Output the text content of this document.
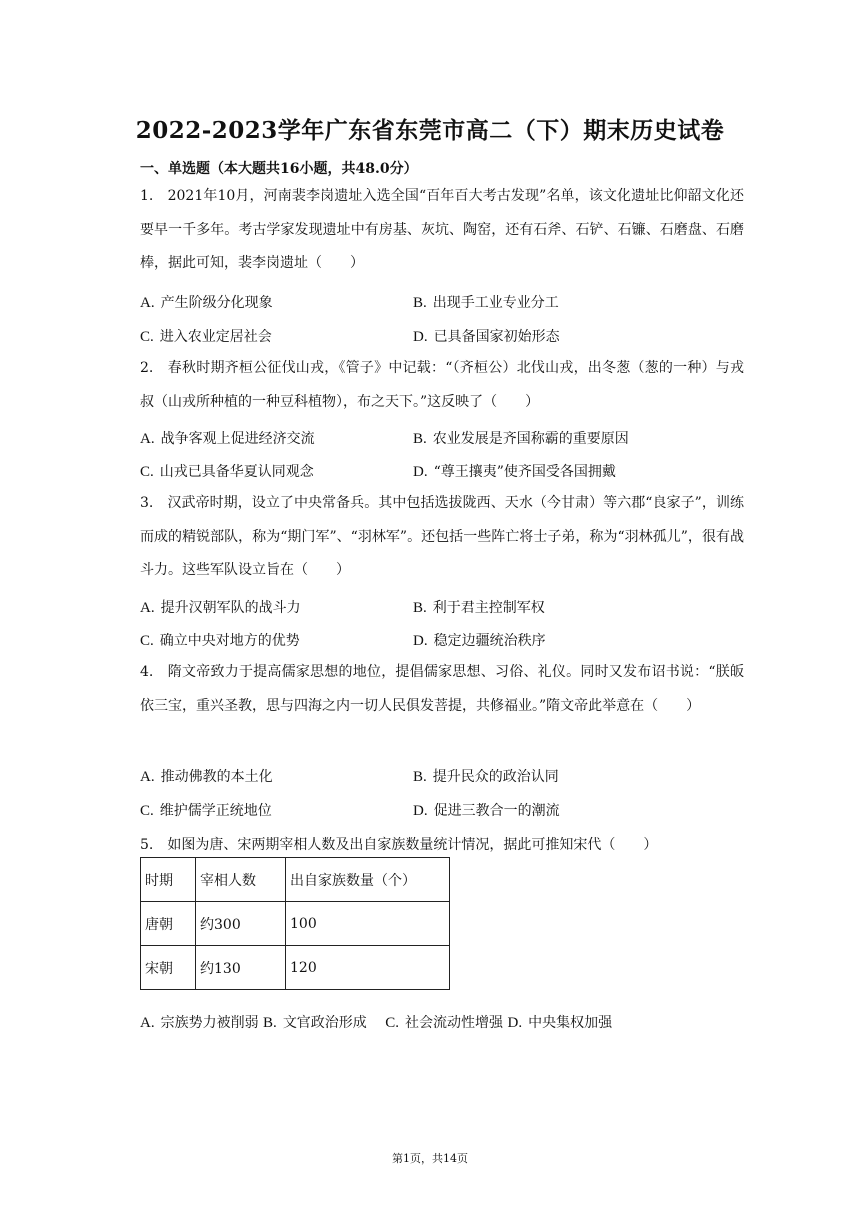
2022-2023学年广东省东莞市高二（下）期末历史试卷
一、单选题（本大题共16小题，共48.0分）
1.　2021年10月，河南裴李岗遗址入选全国“百年百大考古发现”名单，该文化遗址比仰韶文化还要早一千多年。考古学家发现遗址中有房基、灰坑、陶窑，还有石斧、石铲、石镰、石磨盘、石磨棒，据此可知，裴李岗遗址（　　）
A. 产生阶级分化现象	B. 出现手工业专业分工
C. 进入农业定居社会	D. 已具备国家初始形态
2.　春秋时期齐桓公征伐山戎，《管子》中记载：“（齐桓公）北伐山戎，出冬葱（葱的一种）与戎叔（山戎所种植的一种豆科植物），布之天下。”这反映了（　　）
A. 战争客观上促进经济交流	B. 农业发展是齐国称霸的重要原因
C. 山戎已具备华夏认同观念	D. “尊王攘夷”使齐国受各国拥戴
3.　汉武帝时期，设立了中央常备兵。其中包括选拔陇西、天水（今甘肃）等六郡“良家子”，训练而成的精锐部队，称为“期门军”、“羽林军”。还包括一些阵亡将士子弟，称为“羽林孤儿”，很有战斗力。这些军队设立旨在（　　）
A. 提升汉朝军队的战斗力	B. 利于君主控制军权
C. 确立中央对地方的优势	D. 稳定边疆统治秩序
4.　隋文帝致力于提高儒家思想的地位，提倡儒家思想、习俗、礼仪。同时又发布诏书说：“朕皈依三宝，重兴圣教，思与四海之内一切人民俱发菩提，共修福业。”隋文帝此举意在（　　）
A. 推动佛教的本土化	B. 提升民众的政治认同
C. 维护儒学正统地位	D. 促进三教合一的潮流
5.　如图为唐、宋两期宰相人数及出自家族数量统计情况，据此可推知宋代（　　）
时期	宰相人数	出自家族数量（个）
唐朝	约300	100
宋朝	约130	120
A. 宗族势力被削弱 B. 文官政治形成 C. 社会流动性增强 D. 中央集权加强
第1页，共14页
